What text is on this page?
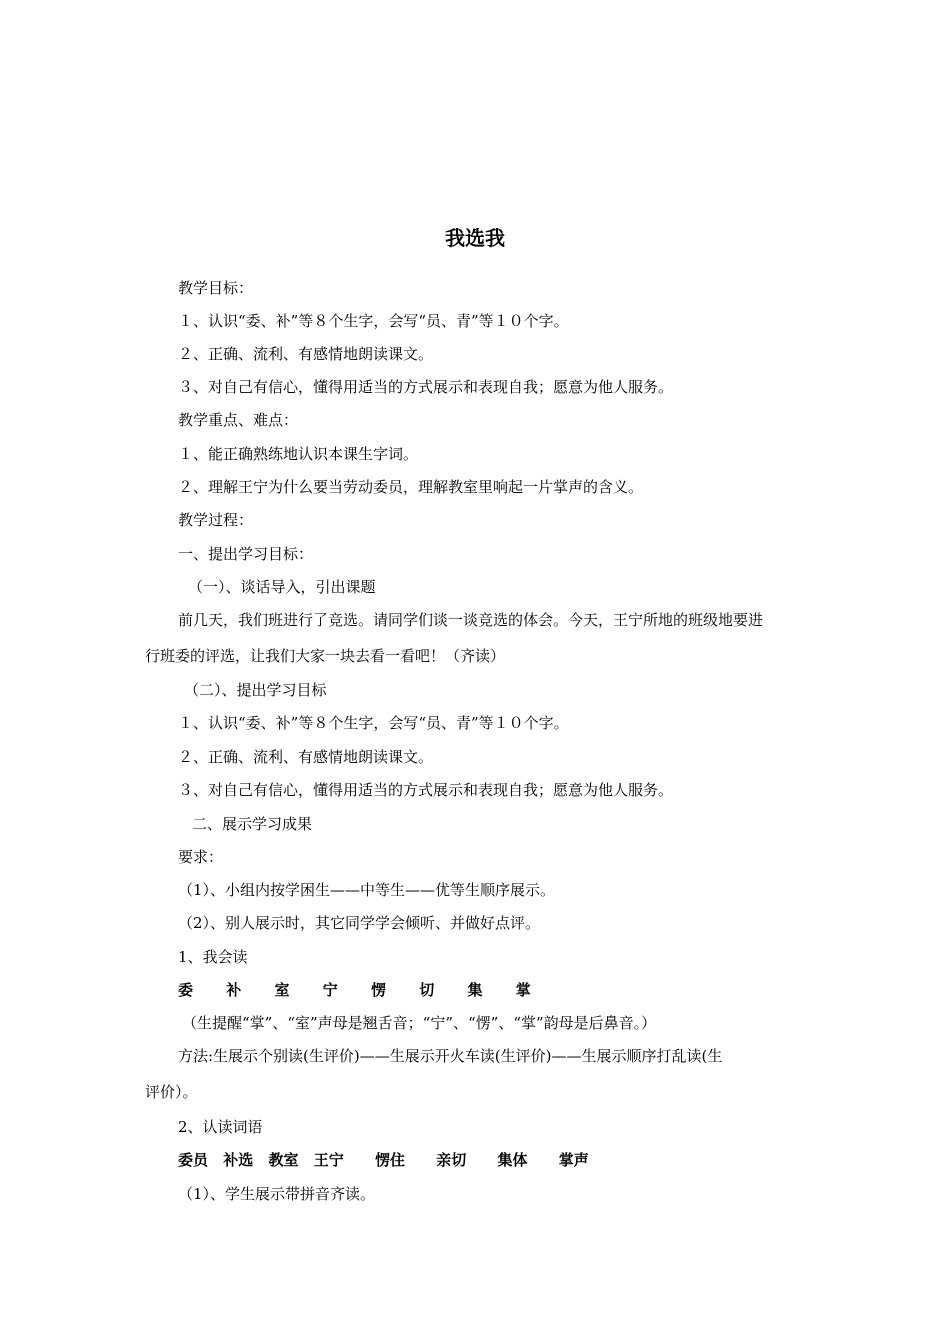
我选我
教学目标：
１、认识“委、补”等８个生字，会写“员、青”等１０个字。
２、正确、流利、有感情地朗读课文。
３、对自己有信心，懂得用适当的方式展示和表现自我；愿意为他人服务。
教学重点、难点：
１、能正确熟练地认识本课生字词。
２、理解王宁为什么要当劳动委员，理解教室里响起一片掌声的含义。
教学过程：
一、提出学习目标：
（一）、谈话导入，引出课题
前几天，我们班进行了竞选。请同学们谈一谈竞选的体会。今天，王宁所地的班级地要进
行班委的评选，让我们大家一块去看一看吧！（齐读）
（二）、提出学习目标
１、认识“委、补”等８个生字，会写“员、青”等１０个字。
２、正确、流利、有感情地朗读课文。
３、对自己有信心，懂得用适当的方式展示和表现自我；愿意为他人服务。
二、展示学习成果
要求：
（1）、小组内按学困生——中等生——优等生顺序展示。
（2）、别人展示时，其它同学学会倾听、并做好点评。
1、我会读
委 补 室 宁 愣 切 集 掌
（生提醒“掌”、“室”声母是翘舌音；“宁”、“愣”、“掌”韵母是后鼻音。）
方法:生展示个别读(生评价)——生展示开火车读(生评价)——生展示顺序打乱读(生
评价）。
2、认读词语
委员 补选 教室 王宁 愣住 亲切 集体 掌声
（1）、学生展示带拼音齐读。
